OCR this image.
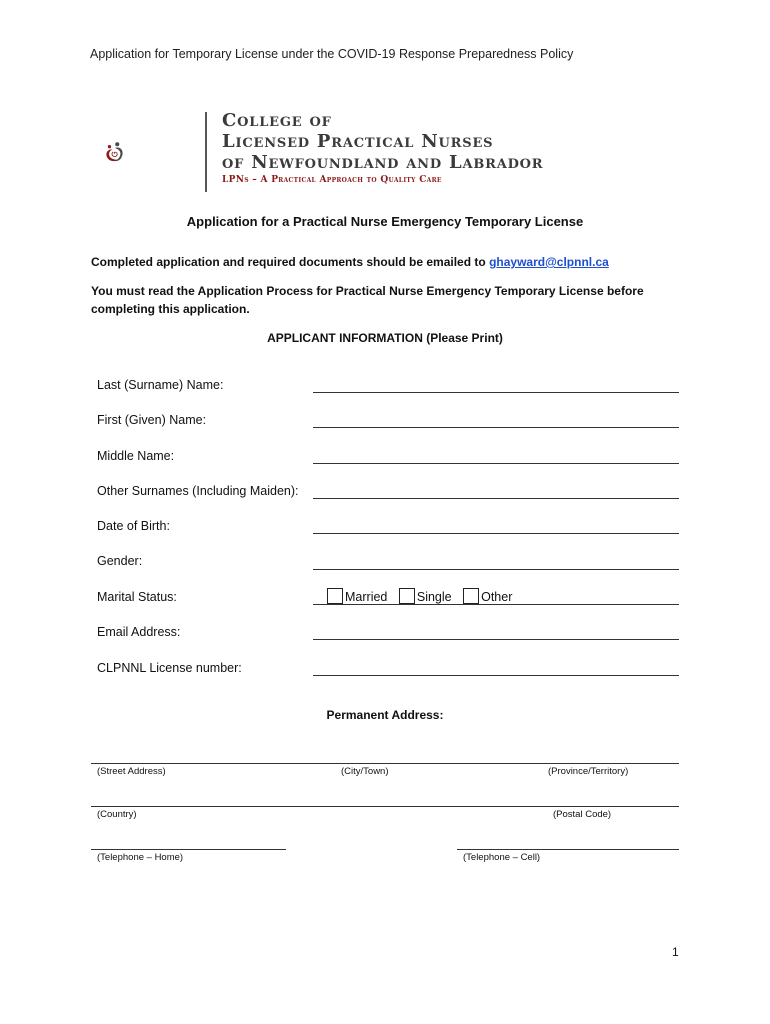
Application for Temporary License under the COVID-19 Response Preparedness Policy
College of
Licensed Practical Nurses
of Newfoundland and Labrador
LPNs – A Practical Approach to Quality Care
Application for a Practical Nurse Emergency Temporary License
Completed application and required documents should be emailed to ghayward@clpnnl.ca
You must read the Application Process for Practical Nurse Emergency Temporary License before
completing this application.
APPLICANT INFORMATION (Please Print)
Last (Surname) Name:
First (Given) Name:
Middle Name:
Other Surnames (Including Maiden):
Date of Birth:
Gender:
Marital Status:	Married Single Other
Email Address:
CLPNNL License number:
Permanent Address:
(Street Address)	(City/Town)	(Province/Territory)
(Country)	(Postal Code)
(Telephone – Home)	(Telephone – Cell)
1
